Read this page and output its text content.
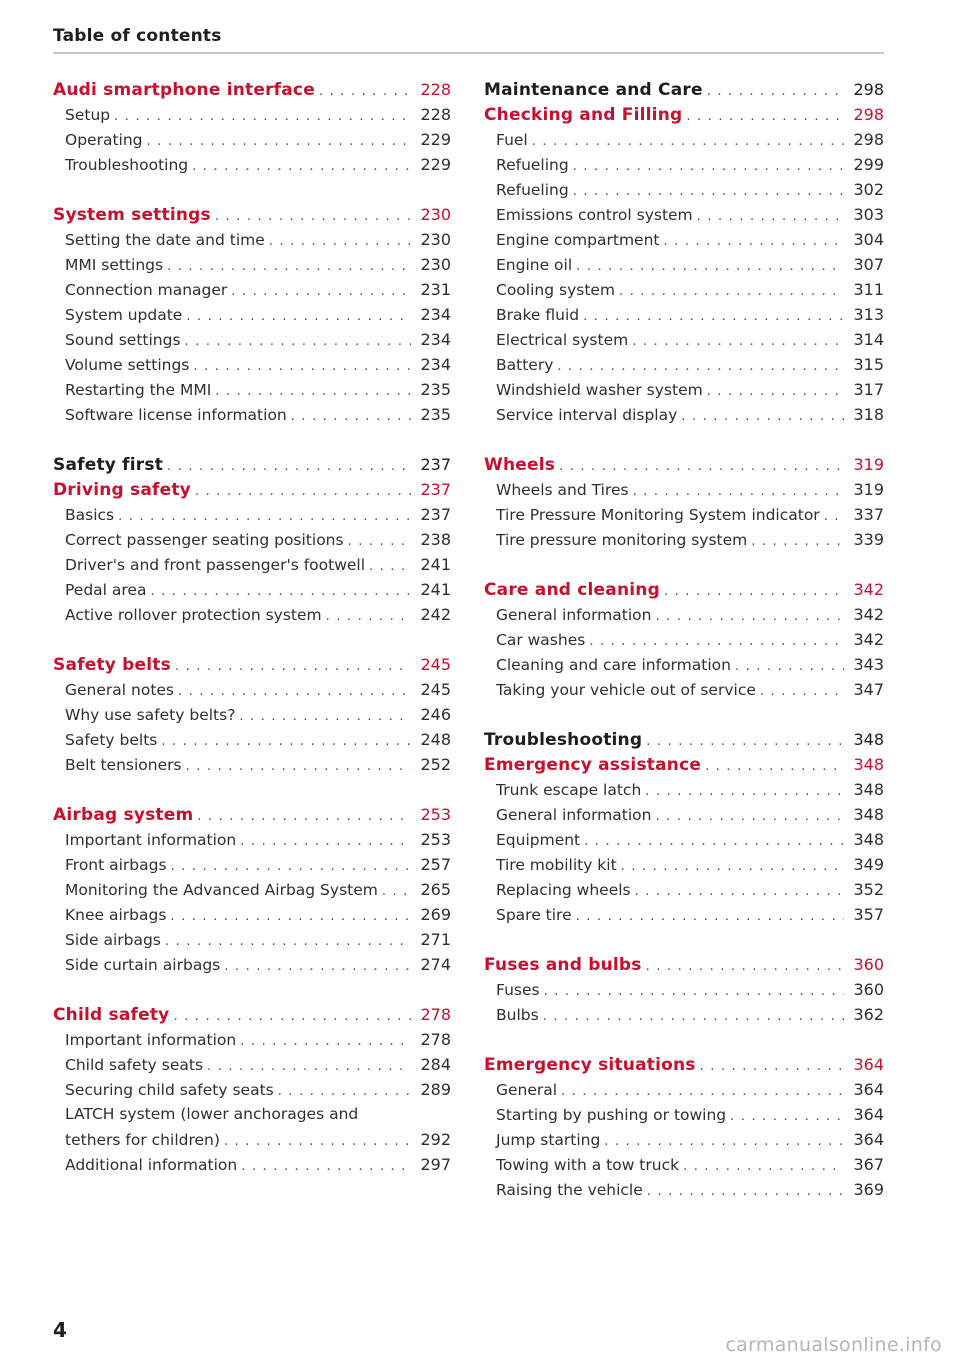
Table of contents
Audi smartphone interface . . .	228
Setup . . .	228
Operating . . .	229
Troubleshooting . . .	229
System settings . . .	230
Setting the date and time . . .	230
MMI settings . . .	230
Connection manager . . .	231
System update . . .	234
Sound settings . . .	234
Volume settings . . .	234
Restarting the MMI . . .	235
Software license information . . .	235
Safety first . . .	237
Driving safety . . .	237
Basics . . .	237
Correct passenger seating positions . . .	238
Driver's and front passenger's footwell . . .	241
Pedal area . . .	241
Active rollover protection system . . .	242
Safety belts . . .	245
General notes . . .	245
Why use safety belts? . . .	246
Safety belts . . .	248
Belt tensioners . . .	252
Airbag system . . .	253
Important information . . .	253
Front airbags . . .	257
Monitoring the Advanced Airbag System . . .	265
Knee airbags . . .	269
Side airbags . . .	271
Side curtain airbags . . .	274
Child safety . . .	278
Important information . . .	278
Child safety seats . . .	284
Securing child safety seats . . .	289
LATCH system (lower anchorages and
tethers for children) . . .	292
Additional information . . .	297
Maintenance and Care . . .	298
Checking and Filling . . .	298
Fuel . . .	298
Refueling . . .	299
Refueling . . .	302
Emissions control system . . .	303
Engine compartment . . .	304
Engine oil . . .	307
Cooling system . . .	311
Brake fluid . . .	313
Electrical system . . .	314
Battery . . .	315
Windshield washer system . . .	317
Service interval display . . .	318
Wheels . . .	319
Wheels and Tires . . .	319
Tire Pressure Monitoring System indicator . . . 337
Tire pressure monitoring system . . .	339
Care and cleaning . . .	342
General information . . .	342
Car washes . . .	342
Cleaning and care information . . .	343
Taking your vehicle out of service . . .	347
Troubleshooting . . .	348
Emergency assistance . . .	348
Trunk escape latch . . .	348
General information . . .	348
Equipment . . .	348
Tire mobility kit . . .	349
Replacing wheels . . .	352
Spare tire . . .	357
Fuses and bulbs . . .	360
Fuses . . .	360
Bulbs . . .	362
Emergency situations . . .	364
General . . .	364
Starting by pushing or towing . . .	364
Jump starting . . .	364
Towing with a tow truck . . .	367
Raising the vehicle . . .	369
4
carmanualsonline.info
